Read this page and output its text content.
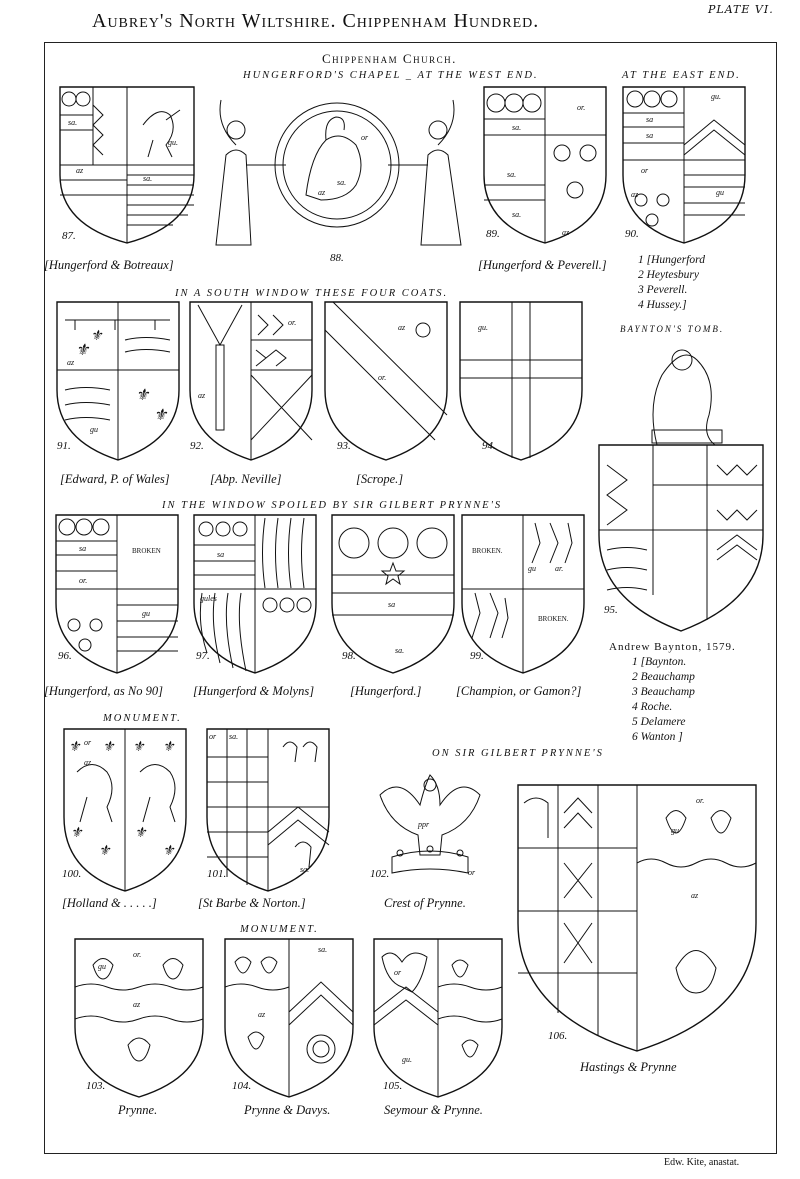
Aubrey's North Wiltshire. Chippenham Hundred.
PLATE VI.
Chippenham Church.
HUNGERFORD'S CHAPEL _ AT THE WEST END.	AT THE EAST END.
IN A SOUTH WINDOW THESE FOUR COATS.
BAYNTON'S TOMB.
IN THE WINDOW SPOILED BY SIR GILBERT PRYNNE'S
MONUMENT.
ON SIR GILBERT PRYNNE'S
MONUMENT.
sa.
gu.
az
sa.
87.
[Hungerford & Botreaux]
or
sa.
az
88.
or.
sa.
sa.
sa.
az
89.
[Hungerford & Peverell.]
gu.
sa
sa
or
gu
az
90.
1 [Hungerford
2 Heytesbury
3 Peverell.
4 Hussey.]
⚜
⚜
⚜
⚜
az
gu
91.
[Edward, P. of Wales]
or.
az
92.
[Abp. Neville]
az
or.
93.
[Scrope.]
gu.
94.
95.
Andrew Baynton, 1579.
1 [Baynton.
2 Beauchamp
3 Beauchamp
4 Roche.
5 Delamere
6 Wanton ]
BROKEN
sa
or.
gu
96.
[Hungerford, as No 90]
sa
gules
97.
[Hungerford & Molyns]
sa
sa.
98.
[Hungerford.]
BROKEN.
BROKEN.
gu ar.
99.
[Champion, or Gamon?]
⚜ ⚜
⚜
⚜
⚜ ⚜
⚜
⚜
or
az
100.
[Holland & . . . . .]
or sa.
sa.
101.
[St Barbe & Norton.]
ppr
or
102.
Crest of Prynne.
or.
gu
az
106.
Hastings & Prynne
or.
gu
az
103.
Prynne.
sa.
az
104.
Prynne & Davys.
or
gu.
105.
Seymour & Prynne.
Edw. Kite, anastat.
